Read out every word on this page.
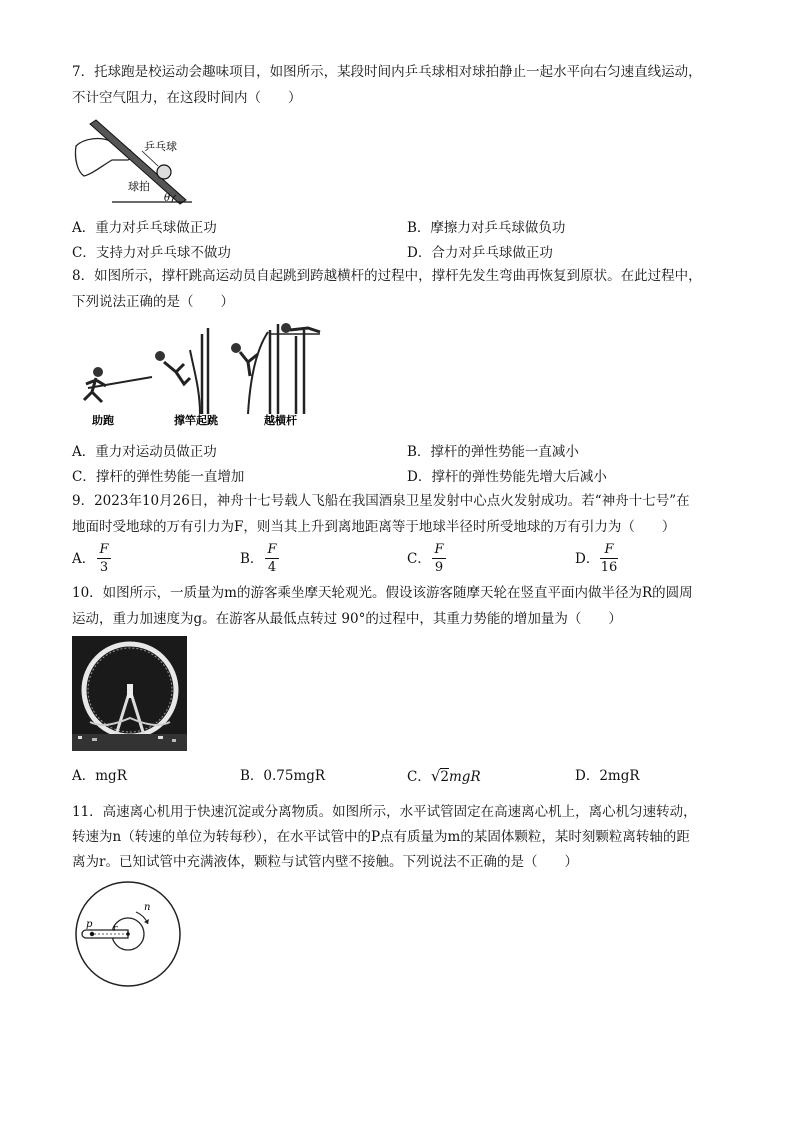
7．托球跑是校运动会趣味项目，如图所示，某段时间内乒乓球相对球拍静止一起水平向右匀速直线运动，
不计空气阻力，在这段时间内（　　）
乒乓球
球拍
θ
A．重力对乒乓球做正功	B．摩擦力对乒乓球做负功
C．支持力对乒乓球不做功	D．合力对乒乓球做正功
8．如图所示，撑杆跳高运动员自起跳到跨越横杆的过程中，撑杆先发生弯曲再恢复到原状。在此过程中，
下列说法正确的是（　　）
助跑	撑竿起跳	越横杆
A．重力对运动员做正功	B．撑杆的弹性势能一直减小
C．撑杆的弹性势能一直增加	D．撑杆的弹性势能先增大后减小
9．2023年10月26日，神舟十七号载人飞船在我国酒泉卫星发射中心点火发射成功。若“神舟十七号”在
地面时受地球的万有引力为F，则当其上升到离地距离等于地球半径时所受地球的万有引力为（　　）
A．
F
3
B．
F
4
C．
F
9
D．
F
16
10．如图所示，一质量为m的游客乘坐摩天轮观光。假设该游客随摩天轮在竖直平面内做半径为R的圆周
运动，重力加速度为g。在游客从最低点转过 90°的过程中，其重力势能的增加量为（　　）
A．mgR	B．0.75mgR	C．√2mgR	D．2mgR
11．高速离心机用于快速沉淀或分离物质。如图所示，水平试管固定在高速离心机上，离心机匀速转动，
转速为n（转速的单位为转每秒），在水平试管中的P点有质量为m的某固体颗粒，某时刻颗粒离转轴的距
离为r。已知试管中充满液体，颗粒与试管内壁不接触。下列说法不正确的是（　　）
p r
n
